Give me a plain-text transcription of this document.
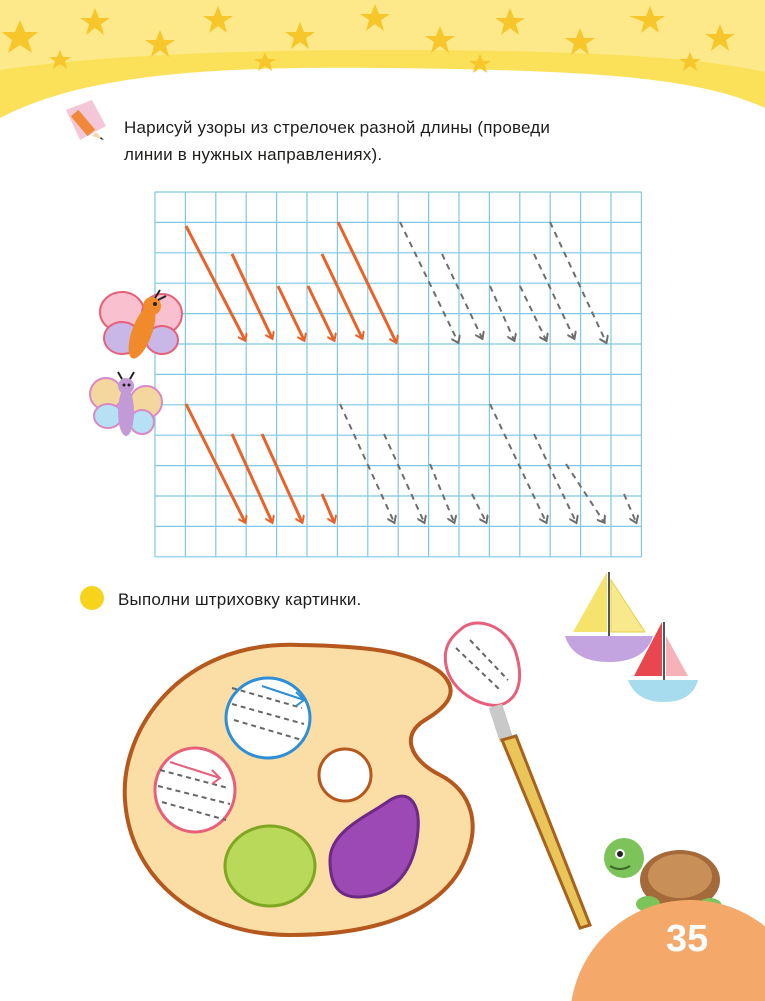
Нарисуй узоры из стрелочек разной длины (проведи
линии в нужных направлениях).
Выполни штриховку картинки.
35
